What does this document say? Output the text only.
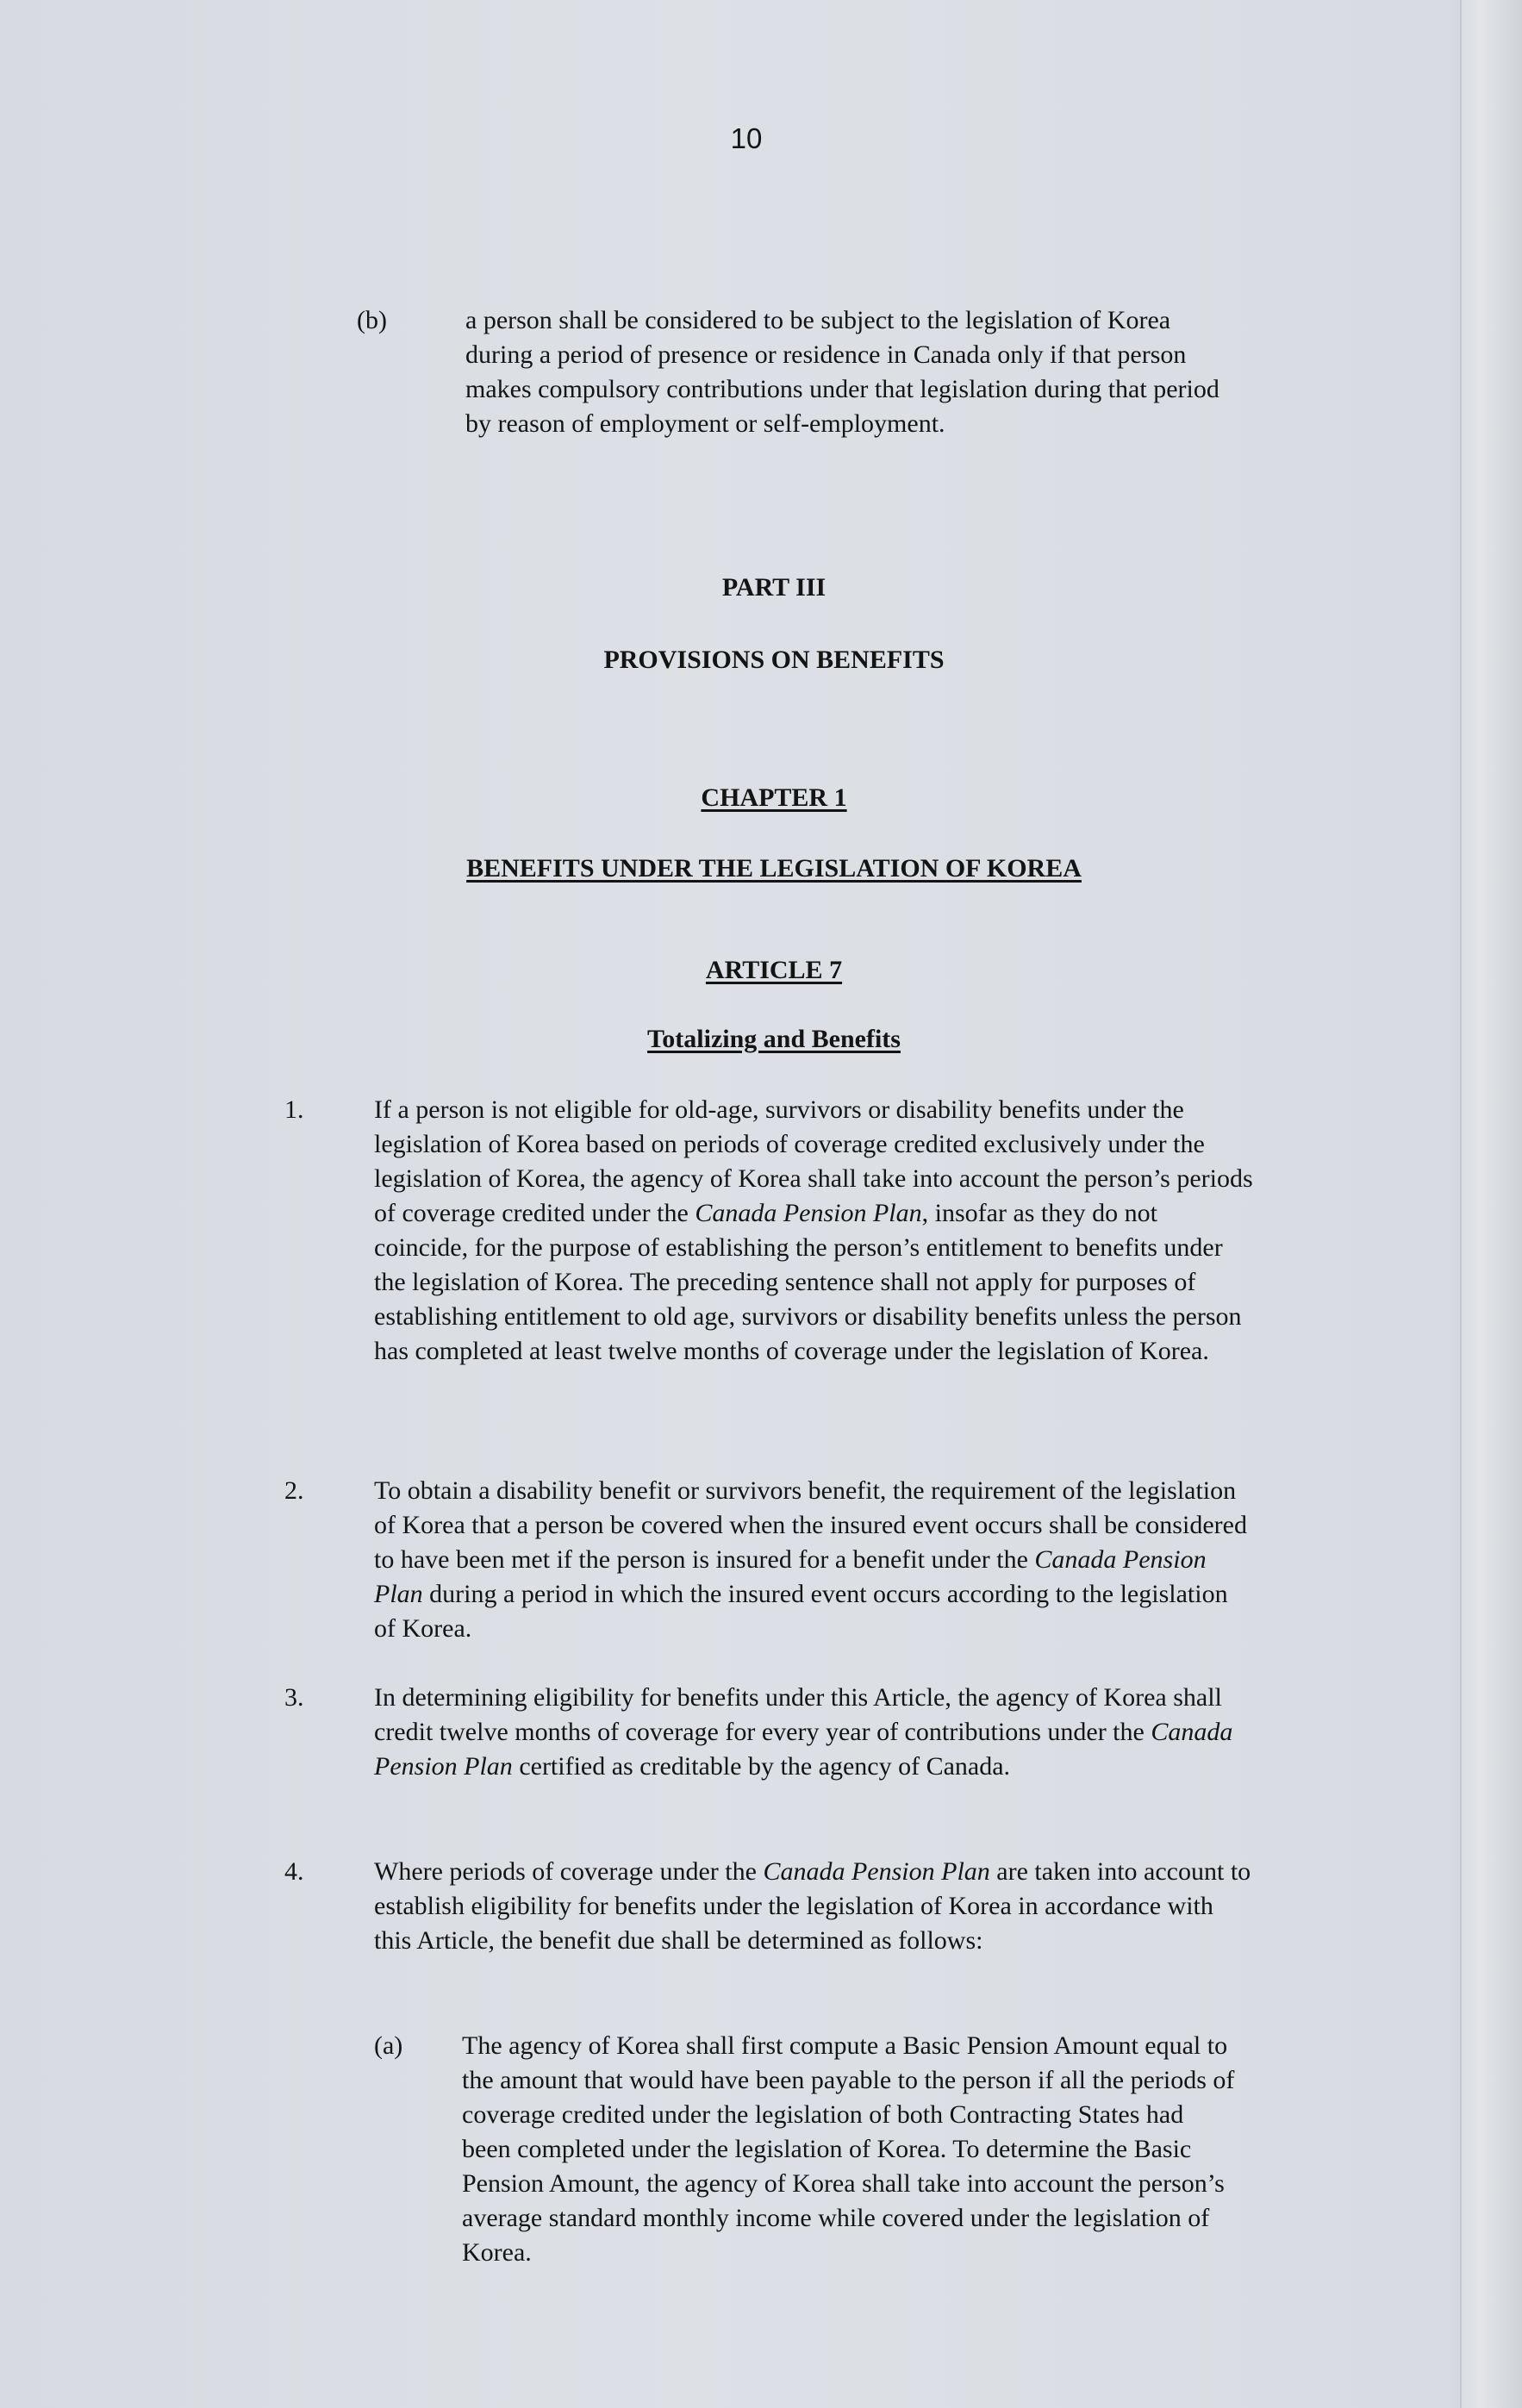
10
(b)	a person shall be considered to be subject to the legislation of Korea during a period of presence or residence in Canada only if that person makes compulsory contributions under that legislation during that period by reason of employment or self-employment.

PART III
PROVISIONS ON BENEFITS
CHAPTER 1
BENEFITS UNDER THE LEGISLATION OF KOREA
ARTICLE 7
Totalizing and Benefits
1.	If a person is not eligible for old-age, survivors or disability benefits under the legislation of Korea based on periods of coverage credited exclusively under the legislation of Korea, the agency of Korea shall take into account the person’s periods of coverage credited under the Canada Pension Plan, insofar as they do not coincide, for the purpose of establishing the person’s entitlement to benefits under the legislation of Korea. The preceding sentence shall not apply for purposes of establishing entitlement to old age, survivors or disability benefits unless the person has completed at least twelve months of coverage under the legislation of Korea.

2.	To obtain a disability benefit or survivors benefit, the requirement of the legislation of Korea that a person be covered when the insured event occurs shall be considered to have been met if the person is insured for a benefit under the Canada Pension Plan during a period in which the insured event occurs according to the legislation of Korea.

3.	In determining eligibility for benefits under this Article, the agency of Korea shall credit twelve months of coverage for every year of contributions under the Canada Pension Plan certified as creditable by the agency of Canada.

4.	Where periods of coverage under the Canada Pension Plan are taken into account to establish eligibility for benefits under the legislation of Korea in accordance with this Article, the benefit due shall be determined as follows:

(a) The agency of Korea shall first compute a Basic Pension Amount equal to the amount that would have been payable to the person if all the periods of coverage credited under the legislation of both Contracting States had been completed under the legislation of Korea. To determine the Basic Pension Amount, the agency of Korea shall take into account the person’s average standard monthly income while covered under the legislation of Korea.
